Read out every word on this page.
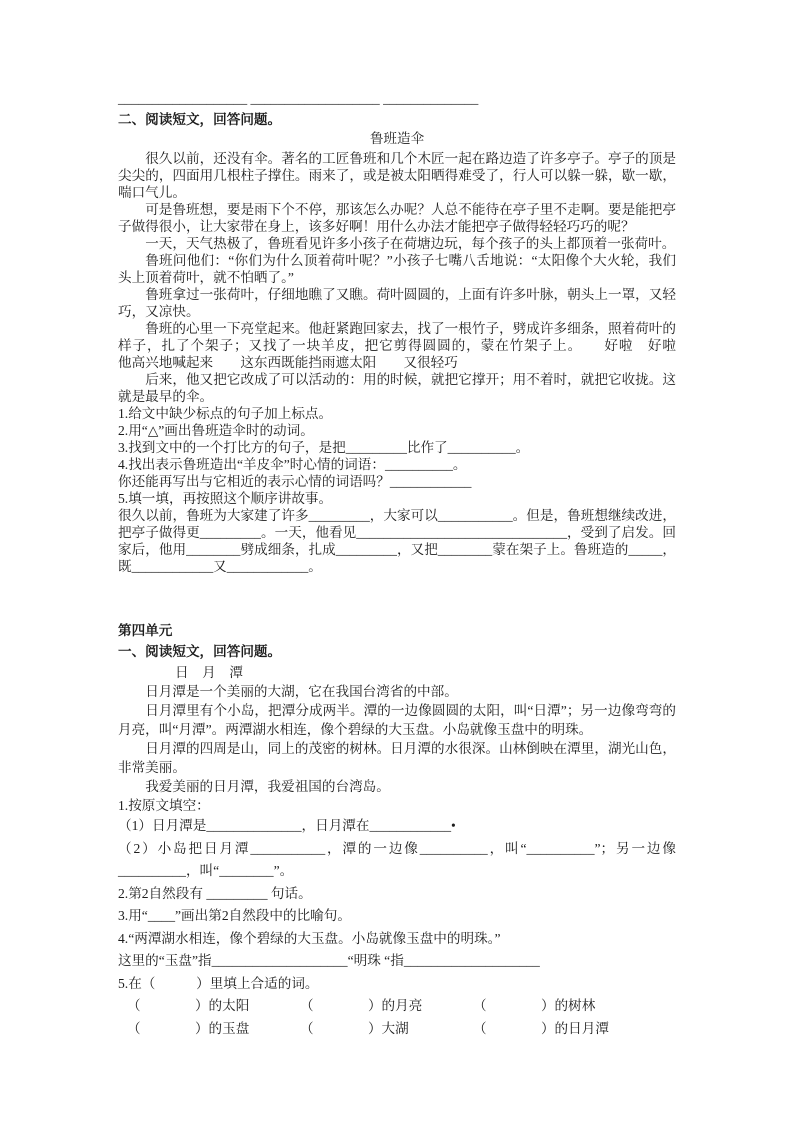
___________________ ___________________ ______________

二、阅读短文，回答问题。

鲁班造伞

很久以前，还没有伞。著名的工匠鲁班和几个木匠一起在路边造了许多亭子。亭子的顶是尖尖的，四面用几根柱子撑住。雨来了，或是被太阳晒得难受了，行人可以躲一躲，歇一歇，喘口气儿。

可是鲁班想，要是雨下个不停，那该怎么办呢？人总不能待在亭子里不走啊。要是能把亭子做得很小，让大家带在身上，该多好啊！用什么办法才能把亭子做得轻轻巧巧的呢？

一天，天气热极了，鲁班看见许多小孩子在荷塘边玩，每个孩子的头上都顶着一张荷叶。

鲁班问他们：“你们为什么顶着荷叶呢？”小孩子七嘴八舌地说：“太阳像个大火轮，我们头上顶着荷叶，就不怕晒了。”

鲁班拿过一张荷叶，仔细地瞧了又瞧。荷叶圆圆的，上面有许多叶脉，朝头上一罩，又轻巧，又凉快。

鲁班的心里一下亮堂起来。他赶紧跑回家去，找了一根竹子，劈成许多细条，照着荷叶的样子，扎了个架子；又找了一块羊皮，把它剪得圆圆的，蒙在竹架子上。　　好啦　好啦　　他高兴地喊起来　　这东西既能挡雨遮太阳　　又很轻巧

后来，他又把它改成了可以活动的：用的时候，就把它撑开；用不着时，就把它收拢。这就是最早的伞。

1.给文中缺少标点的句子加上标点。

2.用“△”画出鲁班造伞时的动词。

3.找到文中的一个打比方的句子，是把_________比作了__________。

4.找出表示鲁班造出“羊皮伞”时心情的词语：__________。

你还能再写出与它相近的表示心情的词语吗？____________

5.填一填，再按照这个顺序讲故事。

很久以前，鲁班为大家建了许多_________，大家可以___________。但是，鲁班想继续改进，把亭子做得更_________。一天，他看见_______________________________，受到了启发。回家后，他用________劈成细条，扎成_________，又把________蒙在架子上。鲁班造的_____，既____________又____________。

第四单元

一、阅读短文，回答问题。

日　月　潭

日月潭是一个美丽的大湖，它在我国台湾省的中部。

日月潭里有个小岛，把潭分成两半。潭的一边像圆圆的太阳，叫“日潭”；另一边像弯弯的月亮，叫“月潭”。两潭湖水相连，像个碧绿的大玉盘。小岛就像玉盘中的明珠。

日月潭的四周是山，同上的茂密的树林。日月潭的水很深。山林倒映在潭里，湖光山色，非常美丽。

我爱美丽的日月潭，我爱祖国的台湾岛。

1.按原文填空：

（1）日月潭是______________，日月潭在____________•

（2）小岛把日月潭___________，潭的一边像__________，叫“__________”；另一边像__________，叫“________”。

2.第2自然段有 _________ 句话。

3.用“____”画出第2自然段中的比喻句。

4.“两潭湖水相连，像个碧绿的大玉盘。小岛就像玉盘中的明珠。”

这里的“玉盘”指____________________“明珠 “指____________________

5.在（　　　）里填上合适的词。

（　　　　）的太阳	（　　　　）的月亮	（　　　　）的树林
（　　　　）的玉盘	（　　　　）大湖	（　　　　）的日月潭
